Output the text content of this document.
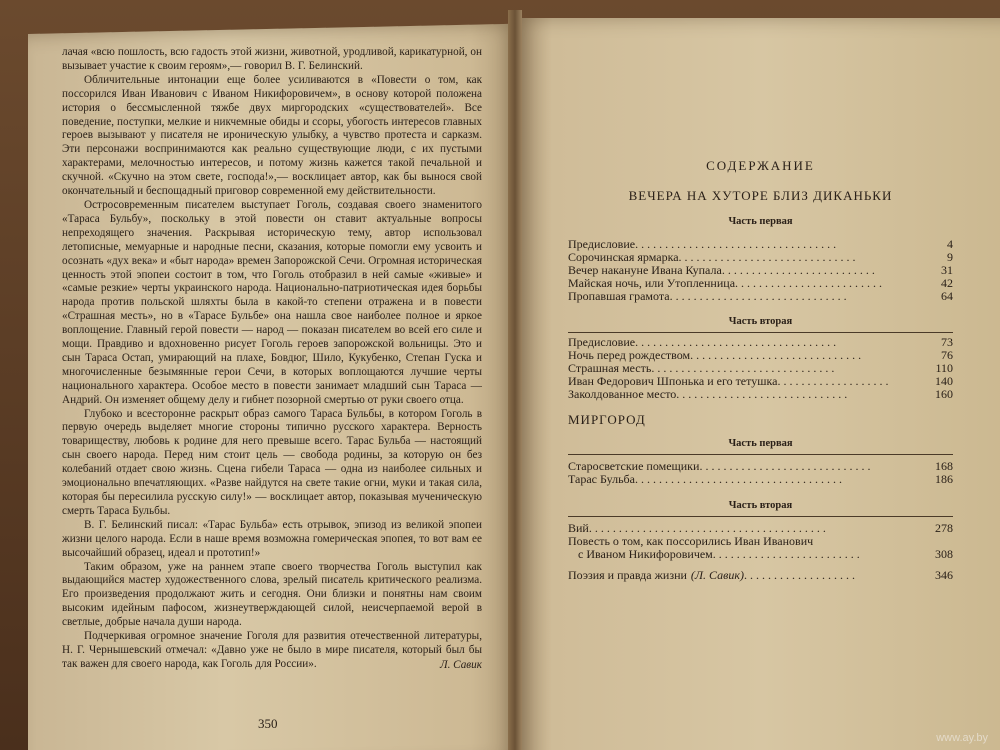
лачая «всю пошлость, всю гадость этой жизни, животной, уродливой, карикатурной, он вызывает участие к своим героям»,— говорил В. Г. Белинский.

Обличительные интонации еще более усиливаются в «Повести о том, как поссорился Иван Иванович с Иваном Никифоровичем», в основу которой положена история о бессмысленной тяжбе двух миргородских «существователей». Все поведение, поступки, мелкие и никчемные обиды и ссоры, убогость интересов главных героев вызывают у писателя не ироническую улыбку, а чувство протеста и сарказм. Эти персонажи воспринимаются как реально существующие люди, с их пустыми характерами, мелочностью интересов, и потому жизнь кажется такой печальной и скучной. «Скучно на этом свете, господа!»,— восклицает автор, как бы вынося свой окончательный и беспощадный приговор современной ему действительности.

Остросовременным писателем выступает Гоголь, создавая своего знаменитого «Тараса Бульбу», поскольку в этой повести он ставит актуальные вопросы непреходящего значения. Раскрывая историческую тему, автор использовал летописные, мемуарные и народные песни, сказания, которые помогли ему усвоить и осознать «дух века» и «быт народа» времен Запорожской Сечи. Огромная историческая ценность этой эпопеи состоит в том, что Гоголь отобразил в ней самые «живые» и «самые резкие» черты украинского народа. Национально-патриотическая идея борьбы народа против польской шляхты была в какой-то степени отражена и в повести «Страшная месть», но в «Тарасе Бульбе» она нашла свое наиболее полное и яркое воплощение. Главный герой повести — народ — показан писателем во всей его силе и мощи. Правдиво и вдохновенно рисует Гоголь героев запорожской вольницы. Это и сын Тараса Остап, умирающий на плахе, Бовдюг, Шило, Кукубенко, Степан Гуска и многочисленные безымянные герои Сечи, в которых воплощаются лучшие черты национального характера. Особое место в повести занимает младший сын Тараса — Андрий. Он изменяет общему делу и гибнет позорной смертью от руки своего отца.

Глубоко и всесторонне раскрыт образ самого Тараса Бульбы, в котором Гоголь в первую очередь выделяет многие стороны типично русского характера. Верность товариществу, любовь к родине для него превыше всего. Тарас Бульба — настоящий сын своего народа. Перед ним стоит цель — свобода родины, за которую он без колебаний отдает свою жизнь. Сцена гибели Тараса — одна из наиболее сильных и эмоционально впечатляющих. «Разве найдутся на свете такие огни, муки и такая сила, которая бы пересилила русскую силу!» — восклицает автор, показывая мученическую смерть Тараса Бульбы.

В. Г. Белинский писал: «Тарас Бульба» есть отрывок, эпизод из великой эпопеи жизни целого народа. Если в наше время возможна гомерическая эпопея, то вот вам ее высочайший образец, идеал и прототип!»

Таким образом, уже на раннем этапе своего творчества Гоголь выступил как выдающийся мастер художественного слова, зрелый писатель критического реализма. Его произведения продолжают жить и сегодня. Они близки и понятны нам своим высоким идейным пафосом, жизнеутверждающей силой, неисчерпаемой верой в светлые, добрые начала души народа.

Подчеркивая огромное значение Гоголя для развития отечественной литературы, Н. Г. Чернышевский отмечал: «Давно уже не было в мире писателя, который был бы так важен для своего народа, как Гоголь для России».	Л. Савик
350
СОДЕРЖАНИЕ
ВЕЧЕРА НА ХУТОРЕ БЛИЗ ДИКАНЬКИ
Часть первая
Предисловие . . . . . . . . . . . . . . . . . . . . . . . . . . . . . . . . . .	4
Сорочинская ярмарка . . . . . . . . . . . . . . . . . . . . . . . . . . . . . .	9
Вечер накануне Ивана Купала . . . . . . . . . . . . . . . . . . . . . . . . . .	31
Майская ночь, или Утопленница . . . . . . . . . . . . . . . . . . . . . . . . .	42
Пропавшая грамота . . . . . . . . . . . . . . . . . . . . . . . . . . . . . .	64
Часть вторая
Предисловие . . . . . . . . . . . . . . . . . . . . . . . . . . . . . . . . . .	73
Ночь перед рождеством . . . . . . . . . . . . . . . . . . . . . . . . . . . . .	76
Страшная месть . . . . . . . . . . . . . . . . . . . . . . . . . . . . . . .	110
Иван Федорович Шпонька и его тетушка . . . . . . . . . . . . . . . . . . .	140
Заколдованное место . . . . . . . . . . . . . . . . . . . . . . . . . . . . .	160
МИРГОРОД
Часть первая
Старосветские помещики . . . . . . . . . . . . . . . . . . . . . . . . . . . . .	168
Тарас Бульба . . . . . . . . . . . . . . . . . . . . . . . . . . . . . . . . . . .	186
Часть вторая
Вий . . . . . . . . . . . . . . . . . . . . . . . . . . . . . . . . . . . . . . . .	278
Повесть о том, как поссорились Иван Иванович
с Иваном Никифоровичем . . . . . . . . . . . . . . . . . . . . . . . . .	308
Поэзия и правда жизни (Л. Савик) . . . . . . . . . . . . . . . . . . .	346
www.ay.by
